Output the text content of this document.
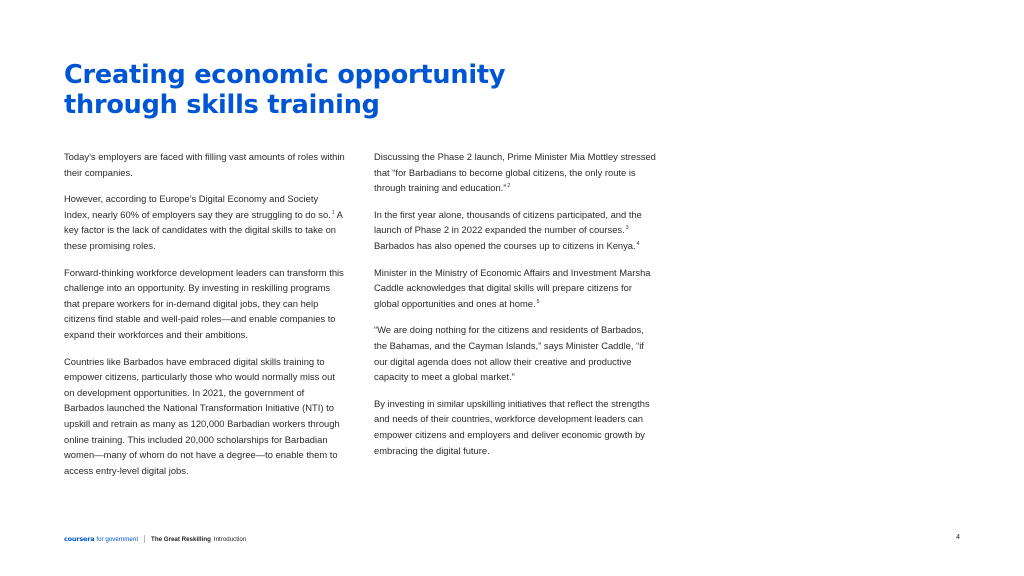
Creating economic opportunity
through skills training

Today’s employers are faced with filling vast amounts of roles within their companies.

However, according to Europe’s Digital Economy and Society Index, nearly 60% of employers say they are struggling to do so.$^1$ A key factor is the lack of candidates with the digital skills to take on these promising roles.

Forward-thinking workforce development leaders can transform this challenge into an opportunity. By investing in reskilling programs that prepare workers for in-demand digital jobs, they can help citizens find stable and well-paid roles—and enable companies to expand their workforces and their ambitions.

Countries like Barbados have embraced digital skills training to empower citizens, particularly those who would normally miss out on development opportunities. In 2021, the government of Barbados launched the National Transformation Initiative (NTI) to upskill and retrain as many as 120,000 Barbadian workers through online training. This included 20,000 scholarships for Barbadian women—many of whom do not have a degree—to enable them to access entry-level digital jobs.

Discussing the Phase 2 launch, Prime Minister Mia Mottley stressed that “for Barbadians to become global citizens, the only route is through training and education.”$^2$

In the first year alone, thousands of citizens participated, and the launch of Phase 2 in 2022 expanded the number of courses.$^3$ Barbados has also opened the courses up to citizens in Kenya.$^4$

Minister in the Ministry of Economic Affairs and Investment Marsha Caddle acknowledges that digital skills will prepare citizens for global opportunities and ones at home.$^5$

“We are doing nothing for the citizens and residents of Barbados, the Bahamas, and the Cayman Islands,” says Minister Caddle, “if our digital agenda does not allow their creative and productive capacity to meet a global market.”

By investing in similar upskilling initiatives that reflect the strengths and needs of their countries, workforce development leaders can empower citizens and employers and deliver economic growth by embracing the digital future.

coursera for government The Great Reskilling Introduction	4
